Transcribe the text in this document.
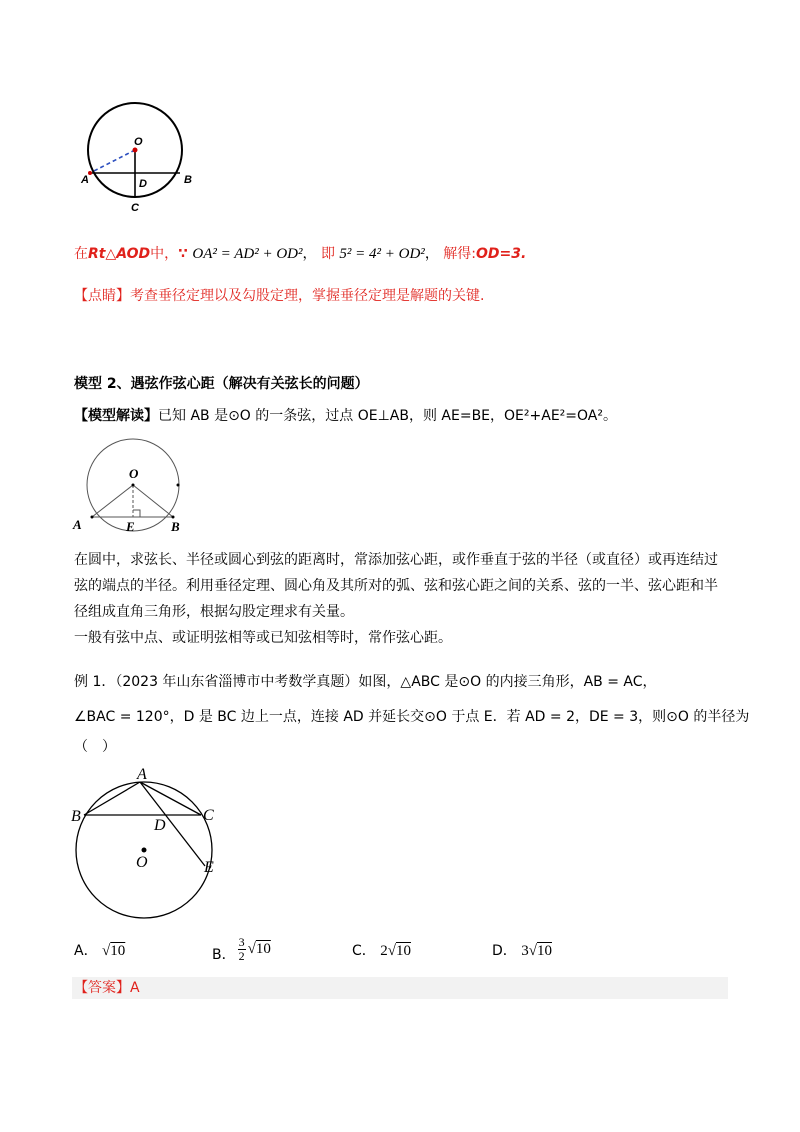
O
A	B
D
C
在Rt△AOD中，∵ OA² = AD² + OD²， 即 5² = 4² + OD²， 解得:OD=3.
【点睛】考查垂径定理以及勾股定理，掌握垂径定理是解题的关键.
模型 2、遇弦作弦心距（解决有关弦长的问题）
【模型解读】已知 AB 是⊙O 的一条弦，过点 OE⊥AB，则 AE=BE，OE²+AE²=OA²。
O
A	E	B
在圆中，求弦长、半径或圆心到弦的距离时，常添加弦心距，或作垂直于弦的半径（或直径）或再连结过弦的端点的半径。利用垂径定理、圆心角及其所对的弧、弦和弦心距之间的关系、弦的一半、弦心距和半径组成直角三角形，根据勾股定理求有关量。
一般有弦中点、或证明弦相等或已知弦相等时，常作弦心距。
例 1．（2023 年山东省淄博市中考数学真题）如图，△ABC 是⊙O 的内接三角形，AB = AC，
∠BAC = 120°，D 是 BC 边上一点，连接 AD 并延长交⊙O 于点 E．若 AD = 2，DE = 3，则⊙O 的半径为
（　）
A
B	C
D
E
O
A． √10	B．
3
2 √10	C． 2√10	D． 3√10
【答案】A
